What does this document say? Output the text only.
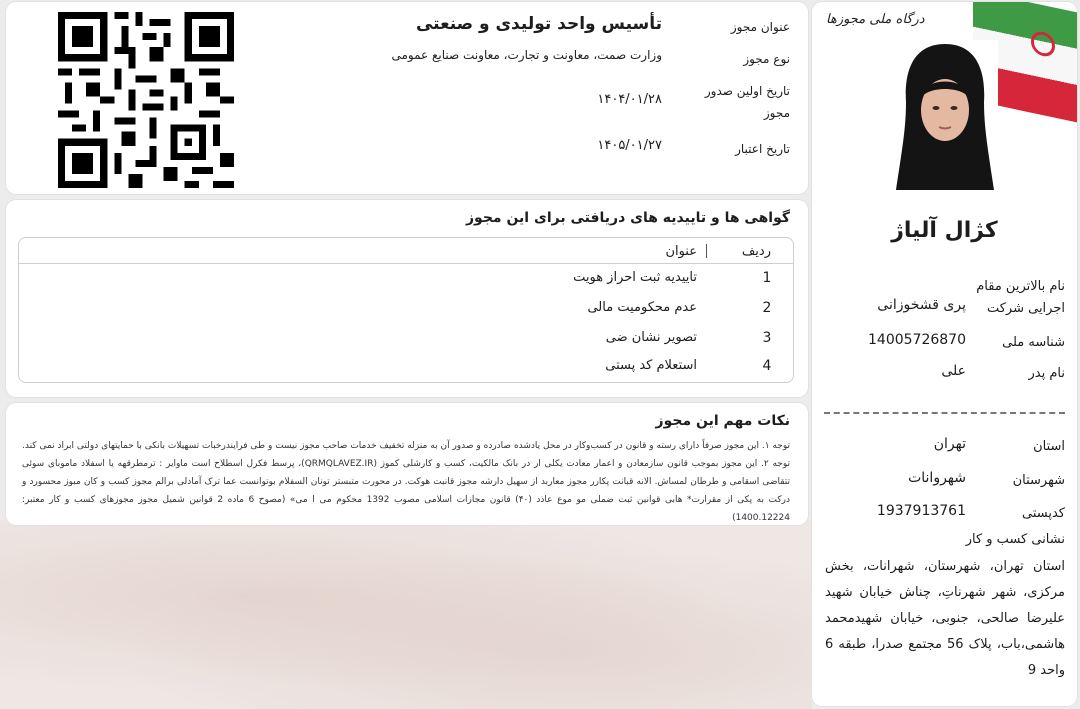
عنوان مجوز
تأسیس واحد تولیدی و صنعتی
نوع مجوز
وزارت صمت، معاونت و تجارت، معاونت صنایع عمومی
تاریخ اولین صدور مجوز
۱۴۰۴/۰۱/۲۸
تاریخ اعتبار
۱۴۰۵/۰۱/۲۷
گواهی ها و تاییدیه های دریافتی برای این مجوز
ردیف
عنوان
1
تاییدیه ثبت احراز هویت
2
عدم محکومیت مالی
3
تصویر نشان ضی
4
استعلام کد پستی
نکات مهم این مجوز
توجه ۱. این مجوز صرفاً دارای رسته و قانون در کسب‌وکار در محل یادشده صادرده و صدور آن به منزله تخفیف خدمات صاحب مجوز نیست و طی فرایندرخبات تسهیلات بانکی با حمایتهای دولتی ابراد نمی کند. توجه ۲. این مجوز بموجب قانون سازمعادن و اعمار معادت یکلی ار در بانک مالکیت، کسب و کارشلی کموز (QRMQLAVEZ.IR)، پرسط فکرل اسطلاح است ماوایر : ترمطرقهه یا اسفلاد ماموبای سوئی تتقاضی اسقامی و طرطان لمساش. الانه قبانت پکارر مجوز معاربد از سهیل دارشه مجوز قانبت هوکت. در محورت متبستر تونان السفلام بوتوانست عما ترک آمادلی برالم مجوز کسب و کان مبوز محسورد و درکت به پکی از مقرارت* هابی قوانین ثبت ضملی مو موع عاذد (۴۰) قانون مجازات اسلامی مصوب 1392 محکوم می ا می» (مصوح 6 ماده 2 قوانین شمیل مجوز مجوزهای کسب و کار معتبر: 1400.12224)
درگاه ملی مجوزها
کژال آلیاژ
نام بالاترین مقام اجرایی شرکت
پری قشخوزانی
شناسه ملی
14005726870
نام پدر
علی
استان
تهران
شهرستان
شهروانات
کدپستی
1937913761
نشانی کسب و کار
استان تهران، شهرستان، شهرانات، بخش مرکزی، شهر شهرناتِ، چناش خیابان شهید علیرضا صالحی، جنوبی، خیابان شهیدمحمد هاشمی،باب، پلاک 56 مجتمع صدرا، طبقه 6 واحد 9
